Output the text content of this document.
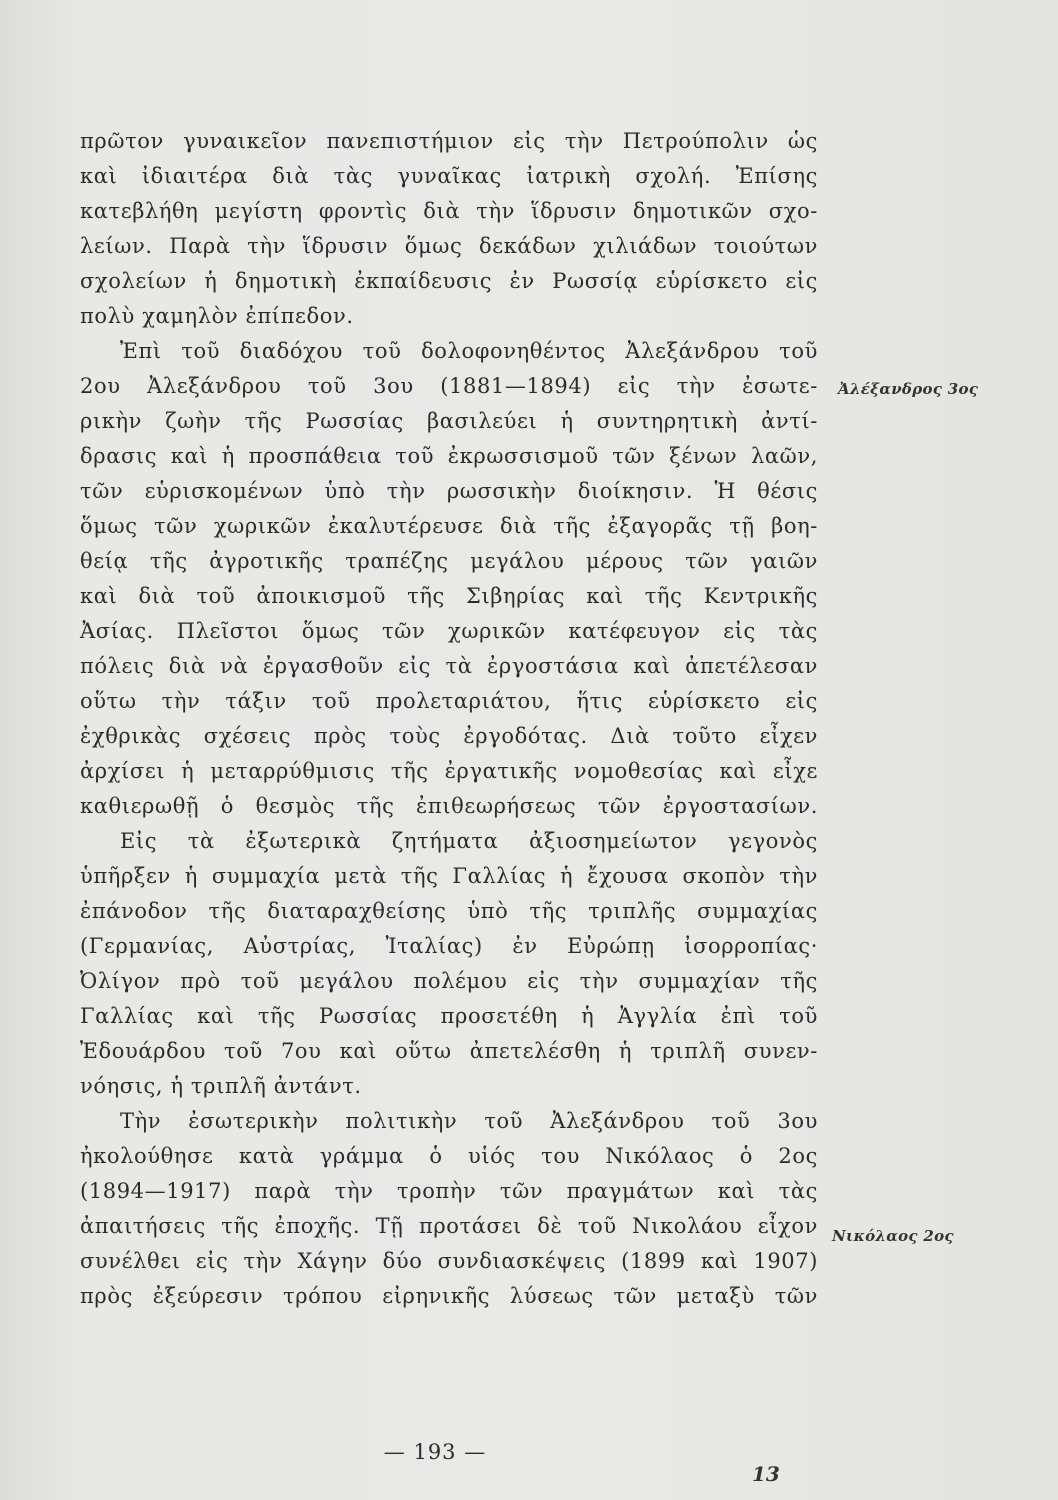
πρῶτον γυναικεῖον πανεπιστήμιον εἰς τὴν Πετρούπολιν ὡς
καὶ ἰδιαιτέρα διὰ τὰς γυναῖκας ἰατρικὴ σχολή. Ἐπίσης
κατεβλήθη μεγίστη φροντὶς διὰ τὴν ἵδρυσιν δημοτικῶν σχο-
λείων. Παρὰ τὴν ἵδρυσιν ὅμως δεκάδων χιλιάδων τοιούτων
σχολείων ἡ δημοτικὴ ἐκπαίδευσις ἐν Ρωσσίᾳ εὑρίσκετο εἰς
πολὺ χαμηλὸν ἐπίπεδον.
Ἐπὶ τοῦ διαδόχου τοῦ δολοφονηθέντος Ἀλεξάνδρου τοῦ
2ου Ἀλεξάνδρου τοῦ 3ου (1881—1894) εἰς τὴν ἐσωτε-
ρικὴν ζωὴν τῆς Ρωσσίας βασιλεύει ἡ συντηρητικὴ ἀντί-
δρασις καὶ ἡ προσπάθεια τοῦ ἐκρωσσισμοῦ τῶν ξένων λαῶν,
τῶν εὑρισκομένων ὑπὸ τὴν ρωσσικὴν διοίκησιν. Ἡ θέσις
ὅμως τῶν χωρικῶν ἐκαλυτέρευσε διὰ τῆς ἐξαγορᾶς τῇ βοη-
θείᾳ τῆς ἀγροτικῆς τραπέζης μεγάλου μέρους τῶν γαιῶν
καὶ διὰ τοῦ ἀποικισμοῦ τῆς Σιβηρίας καὶ τῆς Κεντρικῆς
Ἀσίας. Πλεῖστοι ὅμως τῶν χωρικῶν κατέφευγον εἰς τὰς
πόλεις διὰ νὰ ἐργασθοῦν εἰς τὰ ἐργοστάσια καὶ ἀπετέλεσαν
οὕτω τὴν τάξιν τοῦ προλεταριάτου, ἥτις εὑρίσκετο εἰς
ἐχθρικὰς σχέσεις πρὸς τοὺς ἐργοδότας. Διὰ τοῦτο εἶχεν
ἀρχίσει ἡ μεταρρύθμισις τῆς ἐργατικῆς νομοθεσίας καὶ εἶχε
καθιερωθῇ ὁ θεσμὸς τῆς ἐπιθεωρήσεως τῶν ἐργοστασίων.
Εἰς τὰ ἐξωτερικὰ ζητήματα ἀξιοσημείωτον γεγονὸς
ὑπῆρξεν ἡ συμμαχία μετὰ τῆς Γαλλίας ἡ ἔχουσα σκοπὸν τὴν
ἐπάνοδον τῆς διαταραχθείσης ὑπὸ τῆς τριπλῆς συμμαχίας
(Γερμανίας, Αὐστρίας, Ἰταλίας) ἐν Εὐρώπῃ ἰσορροπίας·
Ὀλίγον πρὸ τοῦ μεγάλου πολέμου εἰς τὴν συμμαχίαν τῆς
Γαλλίας καὶ τῆς Ρωσσίας προσετέθη ἡ Ἀγγλία ἐπὶ τοῦ
Ἐδουάρδου τοῦ 7ου καὶ οὕτω ἀπετελέσθη ἡ τριπλῆ συνεν-
νόησις, ἡ τριπλῆ ἀντάντ.
Τὴν ἐσωτερικὴν πολιτικὴν τοῦ Ἀλεξάνδρου τοῦ 3ου
ἠκολούθησε κατὰ γράμμα ὁ υἱός του Νικόλαος ὁ 2ος
(1894—1917) παρὰ τὴν τροπὴν τῶν πραγμάτων καὶ τὰς
ἀπαιτήσεις τῆς ἐποχῆς. Τῇ προτάσει δὲ τοῦ Νικολάου εἶχον
συνέλθει εἰς τὴν Χάγην δύο συνδιασκέψεις (1899 καὶ 1907)
πρὸς ἐξεύρεσιν τρόπου εἰρηνικῆς λύσεως τῶν μεταξὺ τῶν
Ἀλέξανδρος 3ος
Νικόλαος 2ος
— 193 —
13
